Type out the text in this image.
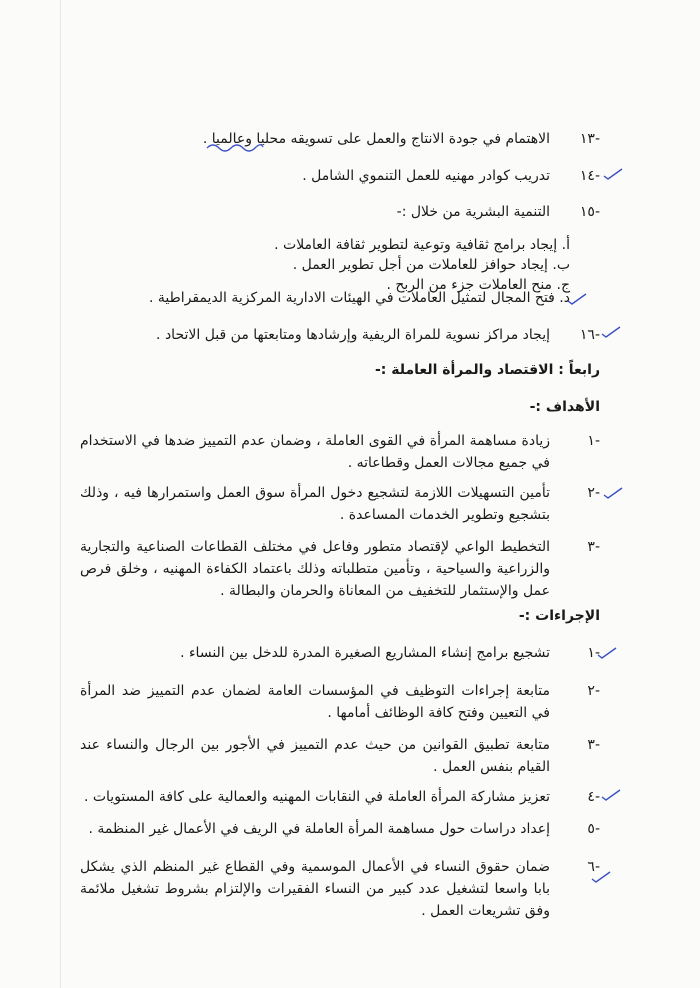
-١٣
الاهتمام في جودة الانتاج والعمل على تسويقه محليا وعالميا .
-١٤
تدريب كوادر مهنيه للعمل التنموي الشامل .
-١٥
التنمية البشرية من خلال :-
أ. إيجاد برامج ثقافية وتوعية لتطوير ثقافة العاملات .
ب. إيجاد حوافز للعاملات من أجل تطوير العمل .
ج. منح العاملات جزء من الربح .
د. فتح المجال لتمثيل العاملات في الهيئات الادارية المركزية الديمقراطية .
-١٦
إيجاد مراكز نسوية للمراة الريفية وإرشادها ومتابعتها من قبل الاتحاد .
رابعاً : الاقتصاد والمرأة العاملة :-
الأهداف :-
-١
زيادة مساهمة المرأة في القوى العاملة ، وضمان عدم التمييز ضدها في الاستخدام في جميع مجالات العمل وقطاعاته .
-٢
تأمين التسهيلات اللازمة لتشجيع دخول المرأة سوق العمل واستمرارها فيه ، وذلك بتشجيع وتطوير الخدمات المساعدة .
-٣
التخطيط الواعي لإقتصاد متطور وفاعل في مختلف القطاعات الصناعية والتجارية والزراعية والسياحية ، وتأمين متطلباته وذلك باعتماد الكفاءة المهنيه ، وخلق فرص عمل والإستثمار للتخفيف من المعاناة والحرمان والبطالة .
الإجراءات :-
-١
تشجيع برامج إنشاء المشاريع الصغيرة المدرة للدخل بين النساء .
-٢
متابعة إجراءات التوظيف في المؤسسات العامة لضمان عدم التمييز ضد المرأة في التعيين وفتح كافة الوظائف أمامها .
-٣
متابعة تطبيق القوانين من حيث عدم التمييز في الأجور بين الرجال والنساء عند القيام بنفس العمل .
-٤
تعزيز مشاركة المرأة العاملة في النقابات المهنيه والعمالية على كافة المستويات .
-٥
إعداد دراسات حول مساهمة المرأة العاملة في الريف في الأعمال غير المنظمة .
-٦
ضمان حقوق النساء في الأعمال الموسمية وفي القطاع غير المنظم الذي يشكل بابا واسعا لتشغيل عدد كبير من النساء الفقيرات والإلتزام بشروط تشغيل ملائمة وفق تشريعات العمل .
